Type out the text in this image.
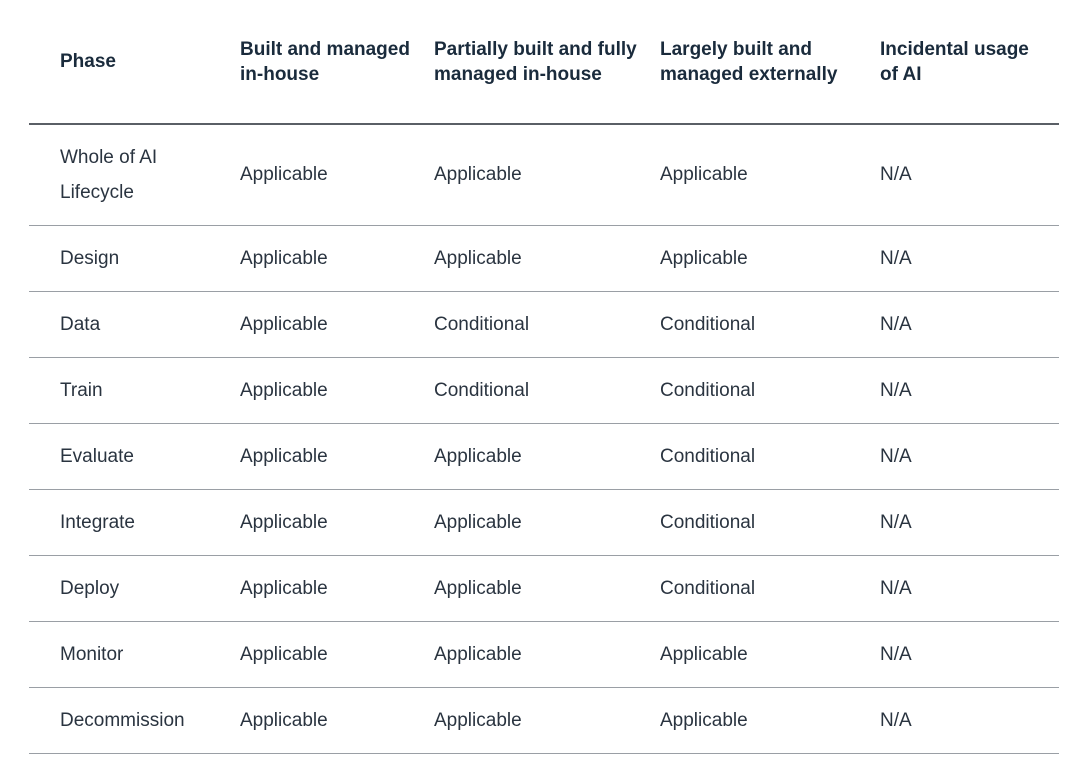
Phase	Built and managed in-house	Partially built and fully managed in-house	Largely built and managed externally	Incidental usage of AI
Whole of AI Lifecycle	Applicable	Applicable	Applicable	N/A
Design	Applicable	Applicable	Applicable	N/A
Data	Applicable	Conditional	Conditional	N/A
Train	Applicable	Conditional	Conditional	N/A
Evaluate	Applicable	Applicable	Conditional	N/A
Integrate	Applicable	Applicable	Conditional	N/A
Deploy	Applicable	Applicable	Conditional	N/A
Monitor	Applicable	Applicable	Applicable	N/A
Decommission	Applicable	Applicable	Applicable	N/A
